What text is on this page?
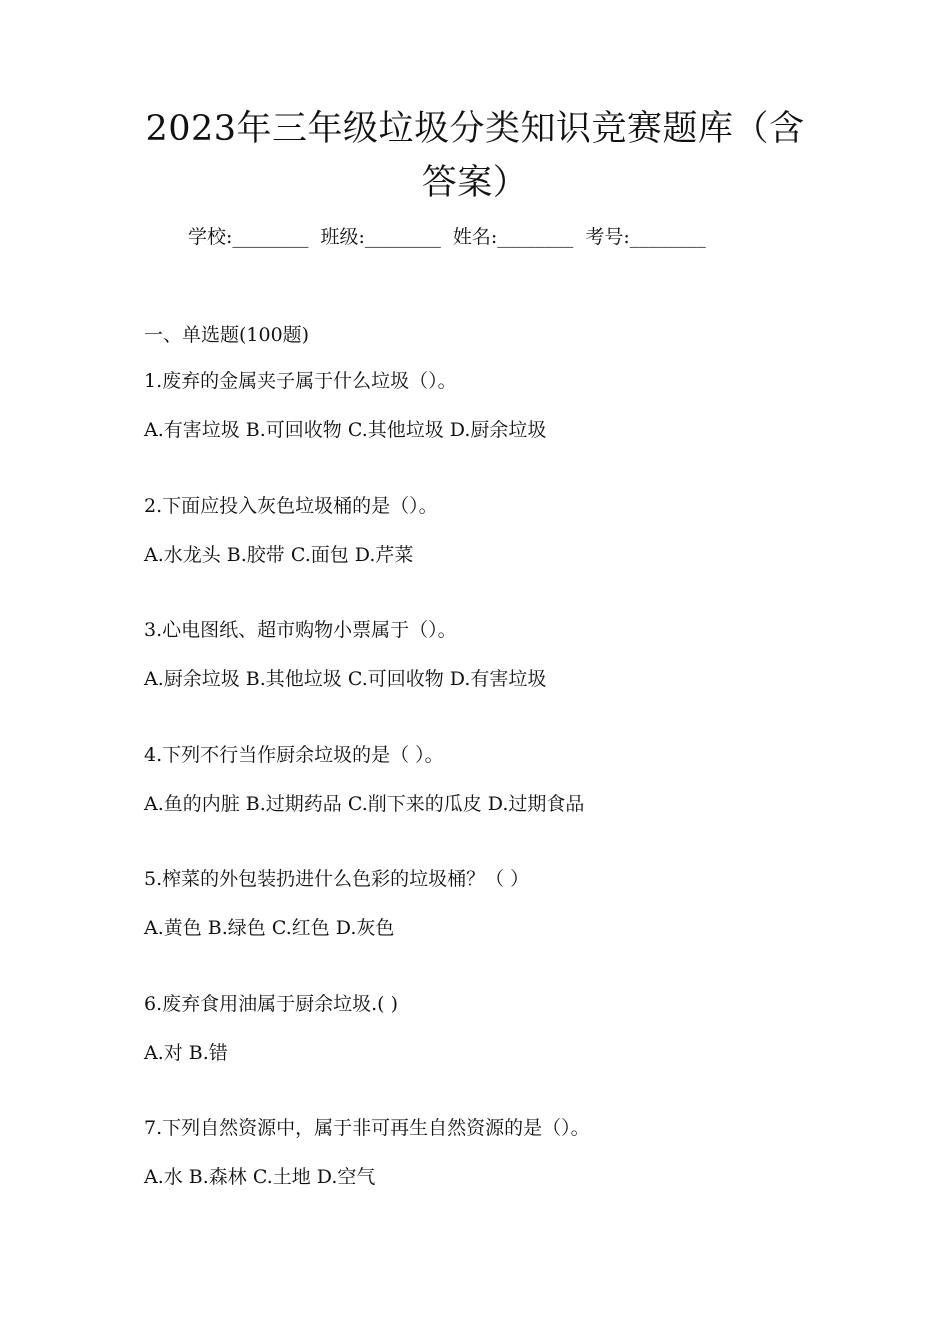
2023年三年级垃圾分类知识竞赛题库（含答案）
学校:________ 班级:________ 姓名:________ 考号:________
一、单选题(100题)
1.废弃的金属夹子属于什么垃圾（）。
A.有害垃圾 B.可回收物 C.其他垃圾 D.厨余垃圾
2.下面应投入灰色垃圾桶的是（）。
A.水龙头 B.胶带 C.面包 D.芹菜
3.心电图纸、超市购物小票属于（）。
A.厨余垃圾 B.其他垃圾 C.可回收物 D.有害垃圾
4.下列不行当作厨余垃圾的是（ ）。
A.鱼的内脏 B.过期药品 C.削下来的瓜皮 D.过期食品
5.榨菜的外包装扔进什么色彩的垃圾桶？（ ）
A.黄色 B.绿色 C.红色 D.灰色
6.废弃食用油属于厨余垃圾.( )
A.对 B.错
7.下列自然资源中，属于非可再生自然资源的是（）。
A.水 B.森林 C.土地 D.空气
